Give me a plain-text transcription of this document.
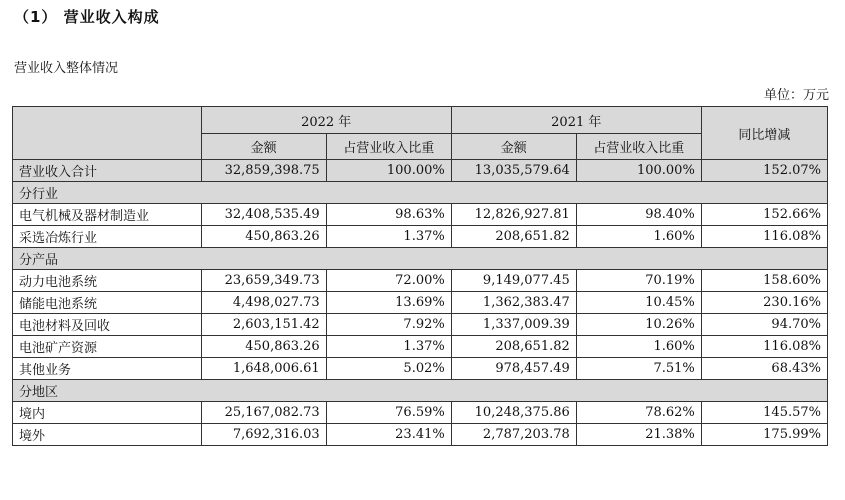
（1） 营业收入构成
营业收入整体情况
单位：万元
	2022 年		2021 年		同比增减
	金额	占营业收入比重	金额	占营业收入比重	
营业收入合计	32,859,398.75	100.00%	13,035,579.64	100.00%	152.07%
分行业					
电气机械及器材制造业	32,408,535.49	98.63%	12,826,927.81	98.40%	152.66%
采选冶炼行业	450,863.26	1.37%	208,651.82	1.60%	116.08%
分产品					
动力电池系统	23,659,349.73	72.00%	9,149,077.45	70.19%	158.60%
储能电池系统	4,498,027.73	13.69%	1,362,383.47	10.45%	230.16%
电池材料及回收	2,603,151.42	7.92%	1,337,009.39	10.26%	94.70%
电池矿产资源	450,863.26	1.37%	208,651.82	1.60%	116.08%
其他业务	1,648,006.61	5.02%	978,457.49	7.51%	68.43%
分地区					
境内	25,167,082.73	76.59%	10,248,375.86	78.62%	145.57%
境外	7,692,316.03	23.41%	2,787,203.78	21.38%	175.99%
